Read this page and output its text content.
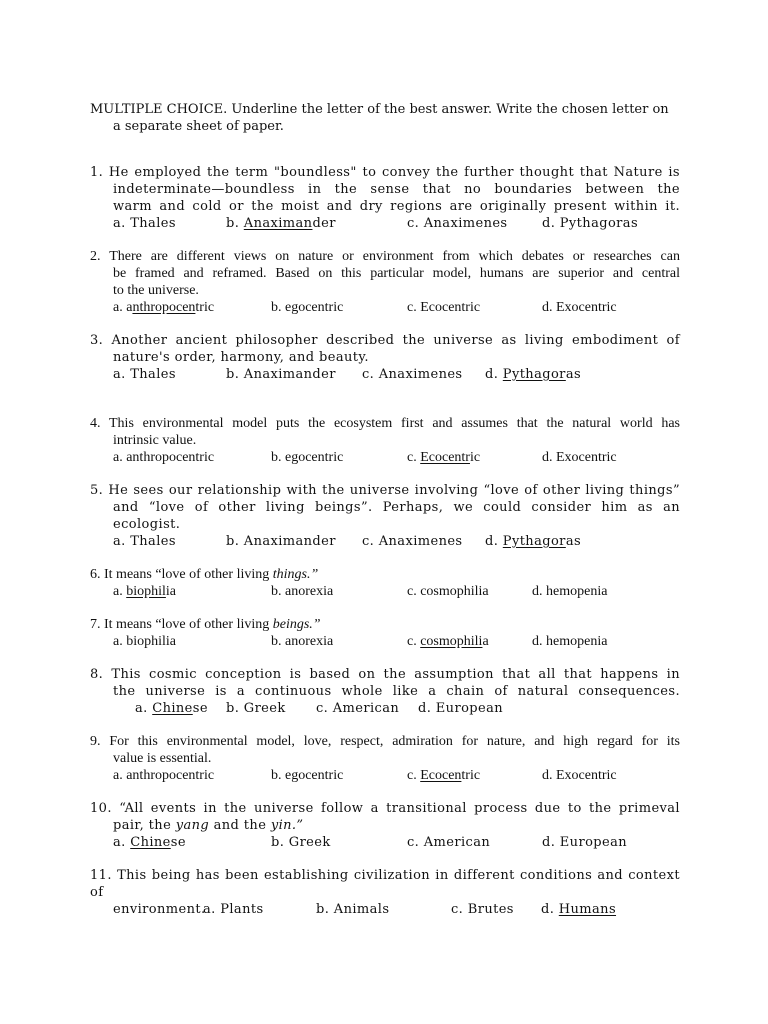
MULTIPLE CHOICE. Underline the letter of the best answer. Write the chosen letter on
a separate sheet of paper.
1. He employed the term "boundless" to convey the further thought that Nature is
indeterminate—boundless in the sense that no boundaries between the
warm and cold or the moist and dry regions are originally present within it.
a. Thales	b. Anaximander	c. Anaximenes	d. Pythagoras
2. There are different views on nature or environment from which debates or researches can
be framed and reframed. Based on this particular model, humans are superior and central
to the universe.
a. anthropocentric	b. egocentric	c. Ecocentric	d. Exocentric
3. Another ancient philosopher described the universe as living embodiment of
nature's order, harmony, and beauty.
a. Thales	b. Anaximander	c. Anaximenes	d. Pythagoras
4. This environmental model puts the ecosystem first and assumes that the natural world has
intrinsic value.
a. anthropocentric	b. egocentric	c. Ecocentric	d. Exocentric
5. He sees our relationship with the universe involving “love of other living things”
and “love of other living beings”. Perhaps, we could consider him as an
ecologist.
a. Thales	b. Anaximander	c. Anaximenes	d. Pythagoras
6. It means “love of other living things.”
a. biophilia	b. anorexia	c. cosmophilia	d. hemopenia
7. It means “love of other living beings.”
a. biophilia	b. anorexia	c. cosmophilia	d. hemopenia
8. This cosmic conception is based on the assumption that all that happens in
the universe is a continuous whole like a chain of natural consequences.
a. Chinese	b. Greek	c. American	d. European
9. For this environmental model, love, respect, admiration for nature, and high regard for its
value is essential.
a. anthropocentric	b. egocentric	c. Ecocentric	d. Exocentric
10. “All events in the universe follow a transitional process due to the primeval
pair, the yang and the yin.”
a. Chinese	b. Greek	c. American	d. European
11. This being has been establishing civilization in different conditions and context of
environment.
a. Plants	b. Animals	c. Brutes	d. Humans
